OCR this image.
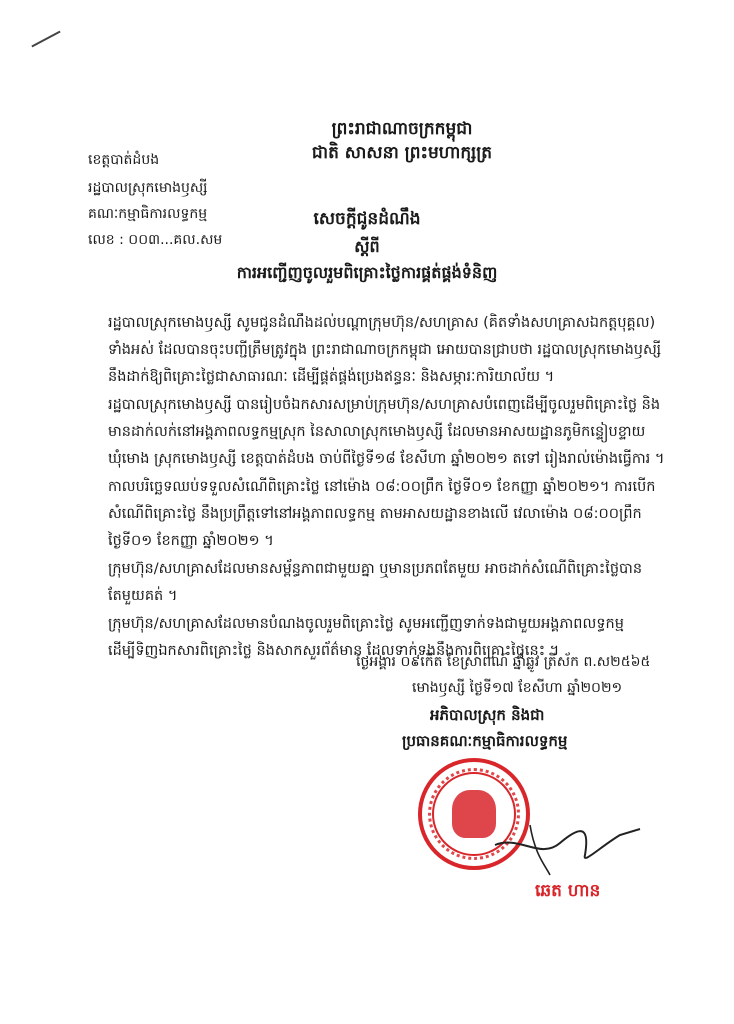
ព្រះរាជាណាចក្រកម្ពុជា
ជាតិ សាសនា ព្រះមហាក្សត្រ
ខេត្តបាត់ដំបង
រដ្ឋបាលស្រុកមោងឫស្សី
គណៈកម្មាធិការលទ្ធកម្ម
លេខ : ០០៣...គល.សម
សេចក្តីជូនដំណឹង
ស្តីពី
ការអញ្ជើញចូលរួមពិគ្រោះថ្លៃការផ្គត់ផ្គង់ទំនិញ

រដ្ឋបាលស្រុកមោងឫស្សី សូមជូនដំណឹងដល់បណ្តាក្រុមហ៊ុន/សហគ្រាស (គិតទាំងសហគ្រាសឯកត្តបុគ្គល) ទាំងអស់ ដែលបានចុះបញ្ជីត្រឹមត្រូវក្នុង ព្រះរាជាណាចក្រកម្ពុជា អោយបានជ្រាបថា រដ្ឋបាលស្រុកមោងឫស្សី នឹងដាក់ឱ្យពិគ្រោះថ្លៃជាសាធារណៈ ដើម្បីផ្គត់ផ្គង់ប្រេងឥន្ធនៈ និងសម្ភារៈការិយាល័យ ។

រដ្ឋបាលស្រុកមោងឫស្សី បានរៀបចំឯកសារសម្រាប់ក្រុមហ៊ុន/សហគ្រាសបំពេញដើម្បីចូលរួមពិគ្រោះថ្លៃ និងមានដាក់លក់នៅអង្គភាពលទ្ធកម្មស្រុក នៃសាលាស្រុកមោងឫស្សី ដែលមានអាសយដ្ឋានភូមិកន្ទៀបខ្ទាយ ឃុំមោង ស្រុកមោងឫស្សី ខេត្តបាត់ដំបង ចាប់ពីថ្ងៃទី១៨ ខែសីហា ឆ្នាំ២០២១ តទៅ រៀងរាល់ម៉ោងធ្វើការ ។

កាលបរិច្ឆេទឈប់ទទួលសំណើពិគ្រោះថ្លៃ នៅម៉ោង ០៨:០០ព្រឹក ថ្ងៃទី០១ ខែកញ្ញា ឆ្នាំ២០២១។ ការបើកសំណើពិគ្រោះថ្លៃ នឹងប្រព្រឹត្តទៅនៅអង្គភាពលទ្ធកម្ម តាមអាសយដ្ឋានខាងលើ វេលាម៉ោង ០៨:០០ព្រឹក ថ្ងៃទី០១ ខែកញ្ញា ឆ្នាំ២០២១ ។

ក្រុមហ៊ុន/សហគ្រាសដែលមានសម្ព័ន្ធភាពជាមួយគ្នា ឬមានប្រភពតែមួយ អាចដាក់សំណើពិគ្រោះថ្លៃបានតែមួយគត់ ។

ក្រុមហ៊ុន/សហគ្រាសដែលមានបំណងចូលរួមពិគ្រោះថ្លៃ សូមអញ្ជើញទាក់ទងជាមួយអង្គភាពលទ្ធកម្ម ដើម្បីទិញឯកសារពិគ្រោះថ្លៃ និងសាកសួរព័ត៌មាន ដែលទាក់ទងនឹងការពិគ្រោះថ្លៃនេះ ។

ថ្ងៃអង្គារ ០៩កើត ខែស្រាពណ៍ ឆ្នាំឆ្លូវ ត្រីស័ក ព.ស២៥៦៥
មោងឫស្សី ថ្ងៃទី១៧ ខែសីហា ឆ្នាំ២០២១
អភិបាលស្រុក និងជា
ប្រធានគណៈកម្មាធិការលទ្ធកម្ម
ឆេត ហាន
